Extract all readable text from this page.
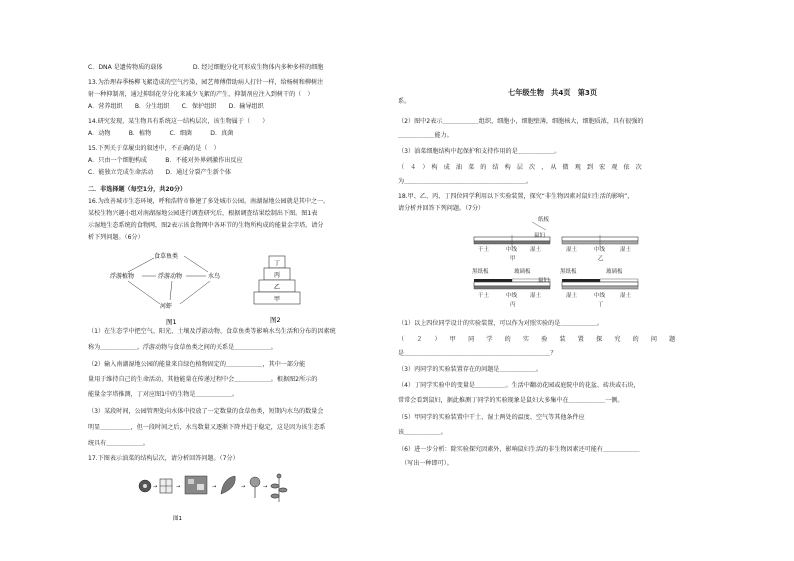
C．DNA 是遗传物质的载体　　　　　D. 经过细胞分化可形成生物体内多种多样的细胞
13.为治理春季杨柳飞絮造成的空气污染，园艺师傅借助病人打针一样，给杨树和柳树注
射一种抑制剂，通过抑制花芽分化来减少飞絮的产生，抑制剂应注入到树干的（　）
A．营养组织　　B．分生组织　　C．保护组织　　D．输导组织
14.研究发现，某生物具有系统这一结构层次，该生物属于（　　）
A．动物　　　B．植物　　　C．细菌　　　D．真菌
15.下列关于草履虫的叙述中，不正确的是（　）
A．只由一个细胞构成　　　B．不能对外界刺激作出反应
C．能独立完成生命活动　　D．通过分裂产生新个体
16.为改善城市生态环境，呼和浩特市修建了多处城市公园。南湖湿地公园就是其中之一。
某校生物兴趣小组对南湖湿地公园进行调查研究后，根据调查结果绘制出下图。图1表
示湿地生态系统的食物网，图2表示该食物网中各环节的生物所构成的能量金字塔。请分
析下列问题。（6分）
（1）在生态学中把空气、阳光、土壤及浮游动物、食草鱼类等影响水鸟生活和分布的因素统
称为＿＿＿＿＿＿。浮游动物与食草鱼类之间的关系是＿＿＿＿＿＿。
（2）输入南湖湿地公园的能量来自绿色植物固定的＿＿＿＿＿＿，其中一部分能
量用于维持自己的生命活动，其他能量在传递过程中会＿＿＿＿＿＿。根据图2所示的
能量金字塔推测，丁对应图1中的生物是＿＿＿＿＿＿。
（3）某段时间，公园管理处向水体中投放了一定数量的食草鱼类，短期内水鸟的数量会
明显＿＿＿＿＿，但一段时间之后，水鸟数量又逐渐下降并趋于稳定，这是因为该生态系
统具有＿＿＿＿＿＿。
17.下图表示油菜的结构层次，请分析回答问题。（7分）
二．非选择题（每空1分，共20分）
食草鱼类
浮游植物	浮游动物	水鸟
河虾
图1
丁
丙
乙
甲
图2
→	→	→	→	→
图1
七年级生物　共4页　第3页
系。
（2）图中2表示＿＿＿＿＿＿组织，细胞小，细胞壁薄，细胞核大，细胞质浓，具有很强的
＿＿＿＿＿＿能力。
（3）油菜细胞结构中起保护和支持作用的是＿＿＿＿＿＿。
（　４　）　构　成　油　菜　的　结　构　层　次　，　从　微　观　到　宏　观　依　次
为＿＿＿＿＿＿＿＿＿＿＿＿＿＿＿＿＿＿＿＿。
18.甲、乙、丙、丁四位同学利用以下实验装置，探究“非生物因素对鼠妇生活的影响”，
请分析并回答下列问题。（7分）
（1）以上四位同学设计的实验装置，可以作为对照实验的是＿＿＿＿＿＿。
（　　２　　）　　甲　　同　　学　　的　　实　　验　　装　　置　　探　　究　　的　　问　　题
是＿＿＿＿＿＿＿＿＿＿＿＿＿＿＿＿＿＿＿＿＿＿＿＿？
（3）丙同学的实验装置存在的问题是＿＿＿＿＿＿。
（4）丁同学实验中的变量是＿＿＿＿＿。生活中翻动花园或庭院中的花盆、砖块或石块，
常常会看到鼠妇，据此推测丁同学的实验现象是鼠妇大多集中在＿＿＿＿＿＿一侧。
（5）甲同学的实验装置中干土、湿土两处的温度、空气等其他条件应
该＿＿＿＿＿＿。
（6）进一步分析：除实验探究因素外，影响鼠妇生活的非生物因素还可能有＿＿＿＿＿＿
　（写出一种即可）。
纸板
鼠妇
干土	中线 湿土
甲
湿土	中线	湿土
乙
黑纸板	玻璃板
鼠妇
干土	中线 湿土
丙
黑纸板	玻璃板
湿土	中线	湿土
丁
